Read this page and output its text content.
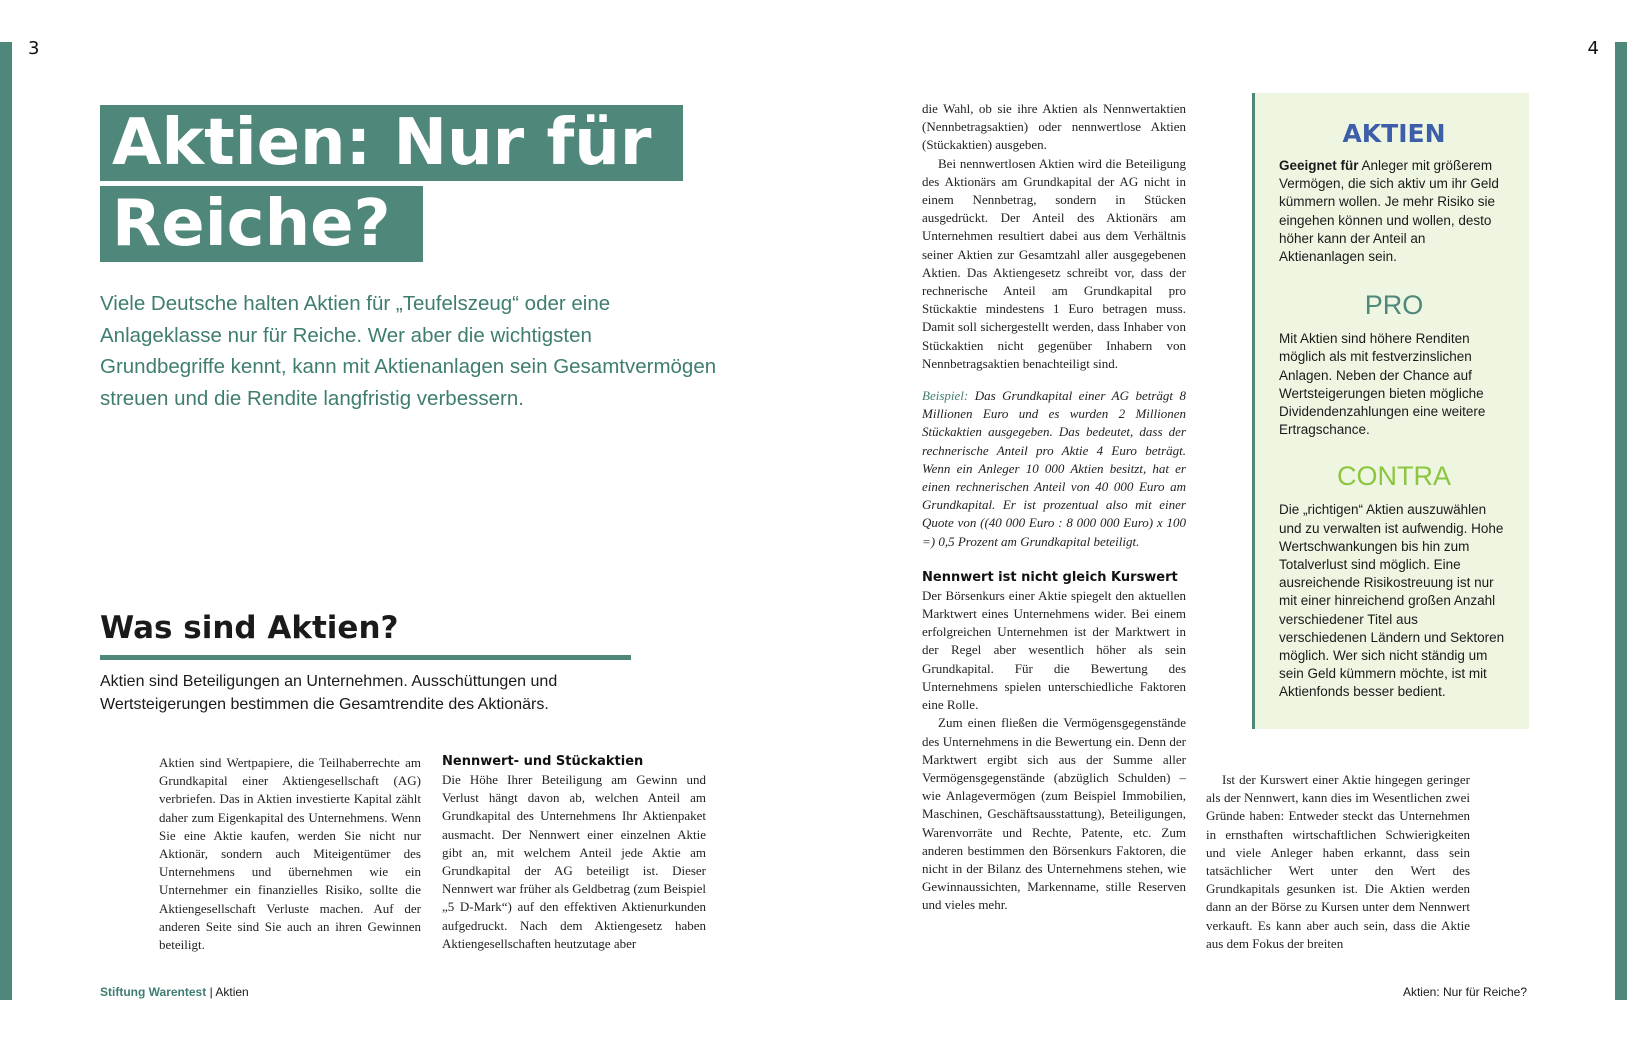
3	4
Aktien: Nur für
Reiche?
Viele Deutsche halten Aktien für „Teufelszeug“ oder eine Anlageklasse nur für Reiche. Wer aber die wichtigsten Grundbegriffe kennt, kann mit Aktienanlagen sein Gesamtvermögen streuen und die Rendite langfristig verbessern.
Was sind Aktien?
Aktien sind Beteiligungen an Unternehmen. Ausschüttungen und Wertsteigerungen bestimmen die Gesamtrendite des Aktionärs.

Aktien sind Wertpapiere, die Teilhaberrechte am Grundkapital einer Aktiengesellschaft (AG) verbriefen. Das in Aktien investierte Kapital zählt daher zum Eigenkapital des Unternehmens. Wenn Sie eine Aktie kaufen, werden Sie nicht nur Aktionär, sondern auch Miteigentümer des Unternehmens und übernehmen wie ein Unternehmer ein finanzielles Risiko, sollte die Aktiengesellschaft Verluste machen. Auf der anderen Seite sind Sie auch an ihren Gewinnen beteiligt.

Nennwert- und Stückaktien

Die Höhe Ihrer Beteiligung am Gewinn und Verlust hängt davon ab, welchen Anteil am Grundkapital des Unternehmens Ihr Aktienpaket ausmacht. Der Nennwert einer einzelnen Aktie gibt an, mit welchem Anteil jede Aktie am Grundkapital der AG beteiligt ist. Dieser Nennwert war früher als Geldbetrag (zum Beispiel „5 D-Mark“) auf den effektiven Aktienurkunden aufgedruckt. Nach dem Aktiengesetz haben Aktiengesellschaften heutzutage aber

die Wahl, ob sie ihre Aktien als Nennwertaktien (Nennbetragsaktien) oder nennwertlose Aktien (Stückaktien) ausgeben.

Bei nennwertlosen Aktien wird die Beteiligung des Aktionärs am Grundkapital der AG nicht in einem Nennbetrag, sondern in Stücken ausgedrückt. Der Anteil des Aktionärs am Unternehmen resultiert dabei aus dem Verhältnis seiner Aktien zur Gesamtzahl aller ausgegebenen Aktien. Das Aktiengesetz schreibt vor, dass der rechnerische Anteil am Grundkapital pro Stückaktie mindestens 1 Euro betragen muss. Damit soll sichergestellt werden, dass Inhaber von Stückaktien nicht gegenüber Inhabern von Nennbetragsaktien benachteiligt sind.

Beispiel: Das Grundkapital einer AG beträgt 8 Millionen Euro und es wurden 2 Millionen Stückaktien ausgegeben. Das bedeutet, dass der rechnerische Anteil pro Aktie 4 Euro beträgt. Wenn ein Anleger 10 000 Aktien besitzt, hat er einen rechnerischen Anteil von 40 000 Euro am Grundkapital. Er ist prozentual also mit einer Quote von ((40 000 Euro : 8 000 000 Euro) x 100 =) 0,5 Prozent am Grundkapital beteiligt.

Nennwert ist nicht gleich Kurswert

Der Börsenkurs einer Aktie spiegelt den aktuellen Marktwert eines Unternehmens wider. Bei einem erfolgreichen Unternehmen ist der Marktwert in der Regel aber wesentlich höher als sein Grundkapital. Für die Bewertung des Unternehmens spielen unterschiedliche Faktoren eine Rolle.

Zum einen fließen die Vermögensgegenstände des Unternehmens in die Bewertung ein. Denn der Marktwert ergibt sich aus der Summe aller Vermögensgegenstände (abzüglich Schulden) – wie Anlagevermögen (zum Beispiel Immobilien, Maschinen, Geschäftsausstattung), Beteiligungen, Warenvorräte und Rechte, Patente, etc. Zum anderen bestimmen den Börsenkurs Faktoren, die nicht in der Bilanz des Unternehmens stehen, wie Gewinnaussichten, Markenname, stille Reserven und vieles mehr.

Ist der Kurswert einer Aktie hingegen geringer als der Nennwert, kann dies im Wesentlichen zwei Gründe haben: Entweder steckt das Unternehmen in ernsthaften wirtschaftlichen Schwierigkeiten und viele Anleger haben erkannt, dass sein tatsächlicher Wert unter den Wert des Grundkapitals gesunken ist. Die Aktien werden dann an der Börse zu Kursen unter dem Nennwert verkauft. Es kann aber auch sein, dass die Aktie aus dem Fokus der breiten

AKTIEN

Geeignet für Anleger mit größerem Vermögen, die sich aktiv um ihr Geld kümmern wollen. Je mehr Risiko sie eingehen können und wollen, desto höher kann der Anteil an Aktienanlagen sein.

PRO

Mit Aktien sind höhere Renditen möglich als mit festverzinslichen Anlagen. Neben der Chance auf Wertsteigerungen bieten mögliche Dividendenzahlungen eine weitere Ertragschance.

CONTRA

Die „richtigen“ Aktien auszuwählen und zu verwalten ist aufwendig. Hohe Wertschwankungen bis hin zum Totalverlust sind möglich. Eine ausreichende Risikostreuung ist nur mit einer hinreichend großen Anzahl verschiedener Titel aus verschiedenen Ländern und Sektoren möglich. Wer sich nicht ständig um sein Geld kümmern möchte, ist mit Aktienfonds besser bedient.

Stiftung Warentest | Aktien	Aktien: Nur für Reiche?
